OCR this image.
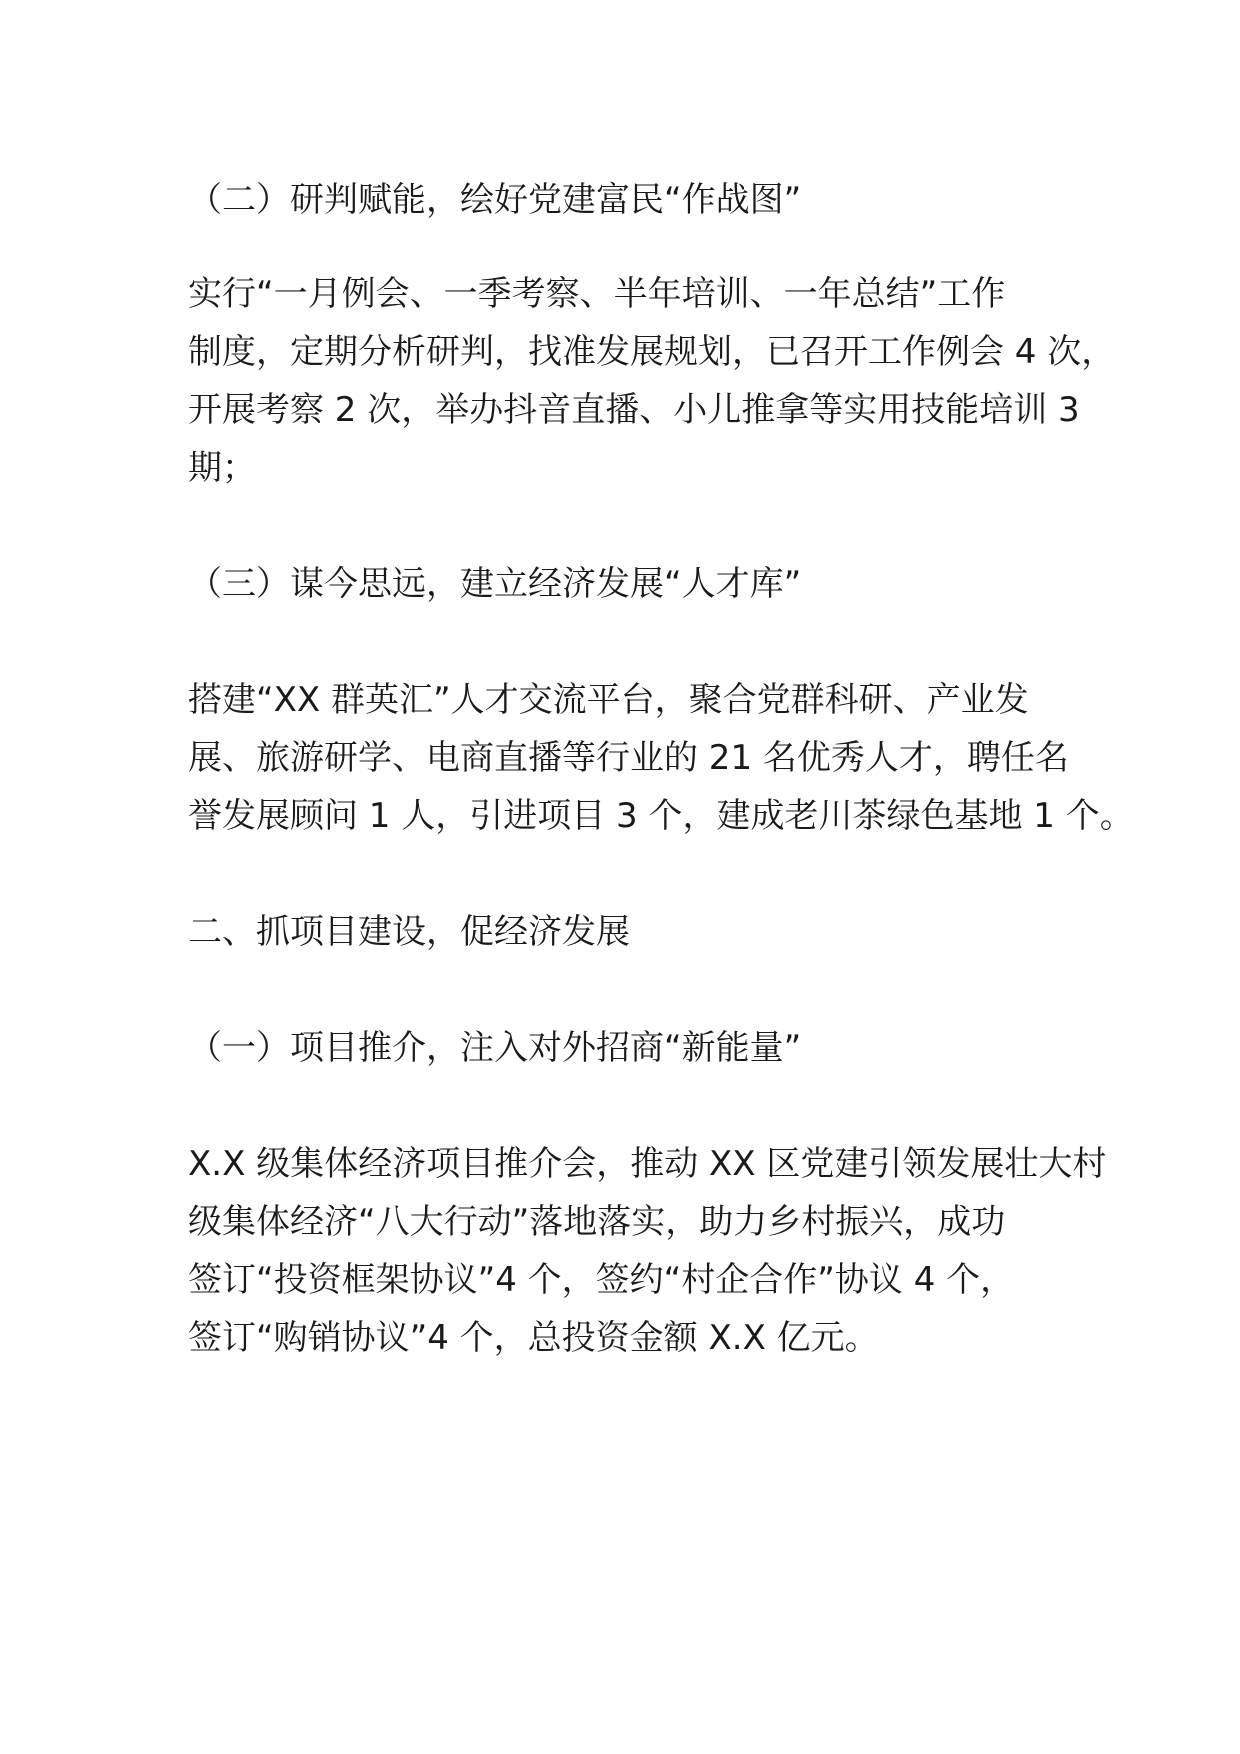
（二）研判赋能，绘好党建富民“作战图”
实行“一月例会、一季考察、半年培训、一年总结”工作
制度，定期分析研判，找准发展规划，已召开工作例会 4 次，
开展考察 2 次，举办抖音直播、小儿推拿等实用技能培训 3
期；
（三）谋今思远，建立经济发展“人才库”
搭建“XX 群英汇”人才交流平台，聚合党群科研、产业发
展、旅游研学、电商直播等行业的 21 名优秀人才，聘任名
誉发展顾问 1 人，引进项目 3 个，建成老川茶绿色基地 1 个。
二、抓项目建设，促经济发展
（一）项目推介，注入对外招商“新能量”
X.X 级集体经济项目推介会，推动 XX 区党建引领发展壮大村
级集体经济“八大行动”落地落实，助力乡村振兴，成功
签订“投资框架协议”4 个，签约“村企合作”协议 4 个，
签订“购销协议”4 个，总投资金额 X.X 亿元。
